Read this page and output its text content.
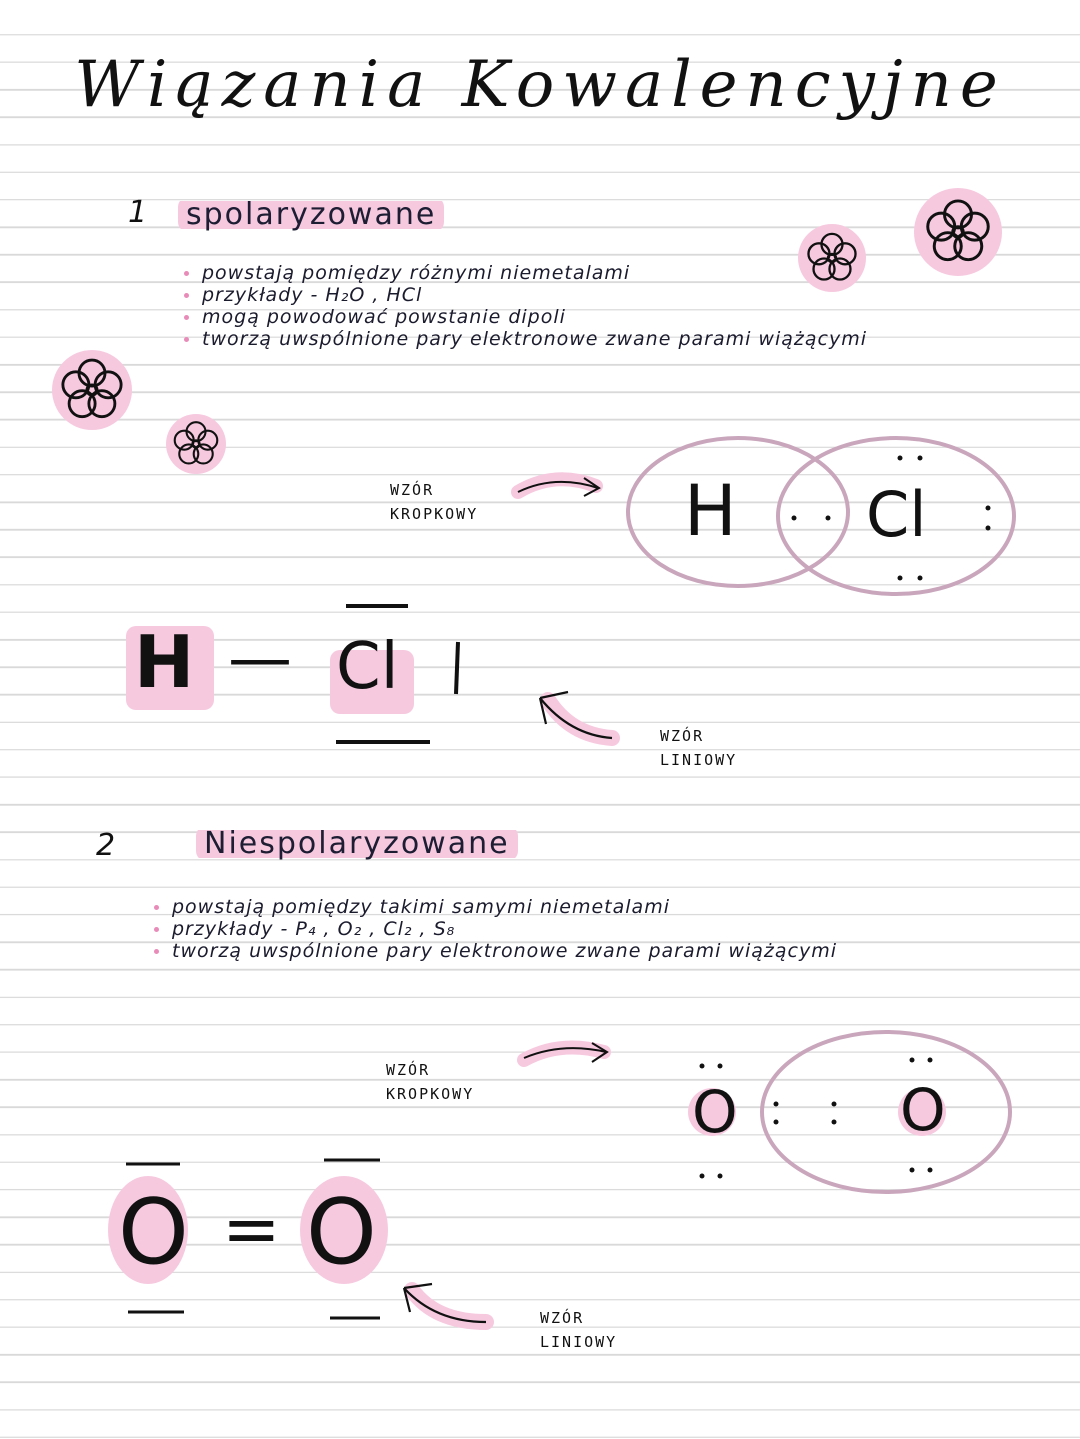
Wiązania Kowalencyjne
1 spolaryzowane
powstają pomiędzy różnymi niemetalami
przykłady - H₂O , HCl
mogą powodować powstanie dipoli
tworzą uwspólnione pary elektronowe zwane parami wiążącymi
WZÓR
KROPKOWY	H Cl
H — Cl
WZÓR
LINIOWY
2	Niespolaryzowane
powstają pomiędzy takimi samymi niemetalami
przykłady - P₄ , O₂ , Cl₂ , S₈
tworzą uwspólnione pary elektronowe zwane parami wiążącymi
WZÓR
KROPKOWY	O	O
O = O
WZÓR
LINIOWY
